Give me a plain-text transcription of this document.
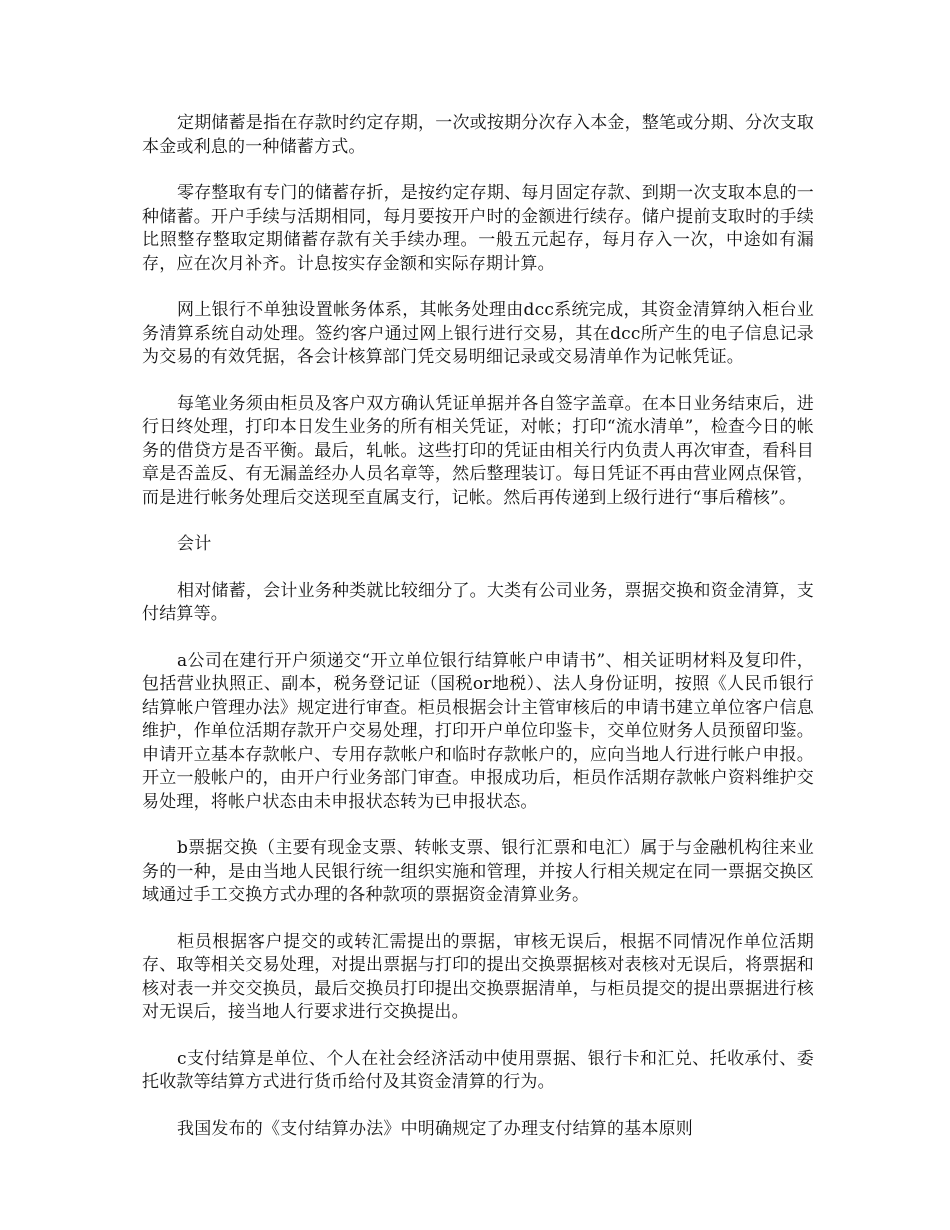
定期储蓄是指在存款时约定存期，一次或按期分次存入本金，整笔或分期、分次支取本金或利息的一种储蓄方式。

零存整取有专门的储蓄存折，是按约定存期、每月固定存款、到期一次支取本息的一种储蓄。开户手续与活期相同，每月要按开户时的金额进行续存。储户提前支取时的手续比照整存整取定期储蓄存款有关手续办理。一般五元起存，每月存入一次，中途如有漏存，应在次月补齐。计息按实存金额和实际存期计算。

网上银行不单独设置帐务体系，其帐务处理由dcc系统完成，其资金清算纳入柜台业务清算系统自动处理。签约客户通过网上银行进行交易，其在dcc所产生的电子信息记录为交易的有效凭据，各会计核算部门凭交易明细记录或交易清单作为记帐凭证。

每笔业务须由柜员及客户双方确认凭证单据并各自签字盖章。在本日业务结束后，进行日终处理，打印本日发生业务的所有相关凭证，对帐；打印“流水清单”，检查今日的帐务的借贷方是否平衡。最后，轧帐。这些打印的凭证由相关行内负责人再次审查，看科目章是否盖反、有无漏盖经办人员名章等，然后整理装订。每日凭证不再由营业网点保管，而是进行帐务处理后交送现至直属支行，记帐。然后再传递到上级行进行“事后稽核”。

会计

相对储蓄，会计业务种类就比较细分了。大类有公司业务，票据交换和资金清算，支付结算等。

a公司在建行开户须递交“开立单位银行结算帐户申请书”、相关证明材料及复印件，包括营业执照正、副本，税务登记证（国税or地税）、法人身份证明，按照《人民币银行结算帐户管理办法》规定进行审查。柜员根据会计主管审核后的申请书建立单位客户信息维护，作单位活期存款开户交易处理，打印开户单位印鉴卡，交单位财务人员预留印鉴。申请开立基本存款帐户、专用存款帐户和临时存款帐户的，应向当地人行进行帐户申报。开立一般帐户的，由开户行业务部门审查。申报成功后，柜员作活期存款帐户资料维护交易处理，将帐户状态由未申报状态转为已申报状态。

b票据交换（主要有现金支票、转帐支票、银行汇票和电汇）属于与金融机构往来业务的一种，是由当地人民银行统一组织实施和管理，并按人行相关规定在同一票据交换区域通过手工交换方式办理的各种款项的票据资金清算业务。

柜员根据客户提交的或转汇需提出的票据，审核无误后，根据不同情况作单位活期存、取等相关交易处理，对提出票据与打印的提出交换票据核对表核对无误后，将票据和核对表一并交交换员，最后交换员打印提出交换票据清单，与柜员提交的提出票据进行核对无误后，接当地人行要求进行交换提出。

c支付结算是单位、个人在社会经济活动中使用票据、银行卡和汇兑、托收承付、委托收款等结算方式进行货币给付及其资金清算的行为。

我国发布的《支付结算办法》中明确规定了办理支付结算的基本原则
